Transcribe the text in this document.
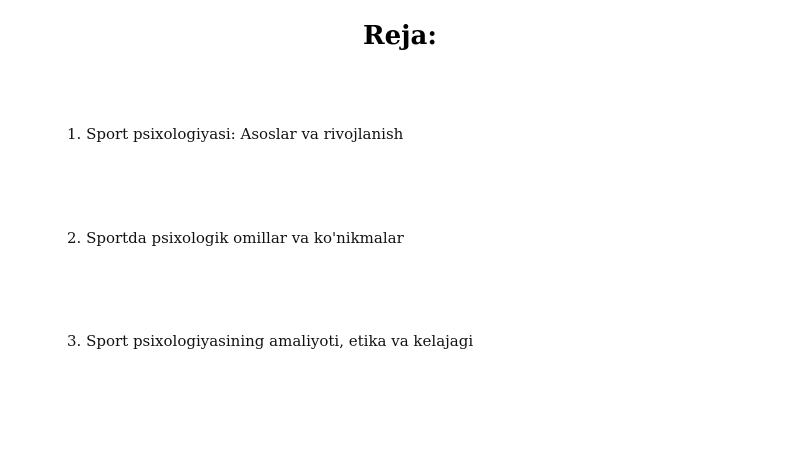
Reja:
1. Sport psixologiyasi: Asoslar va rivojlanish
2. Sportda psixologik omillar va ko'nikmalar
3. Sport psixologiyasining amaliyoti, etika va kelajagi
